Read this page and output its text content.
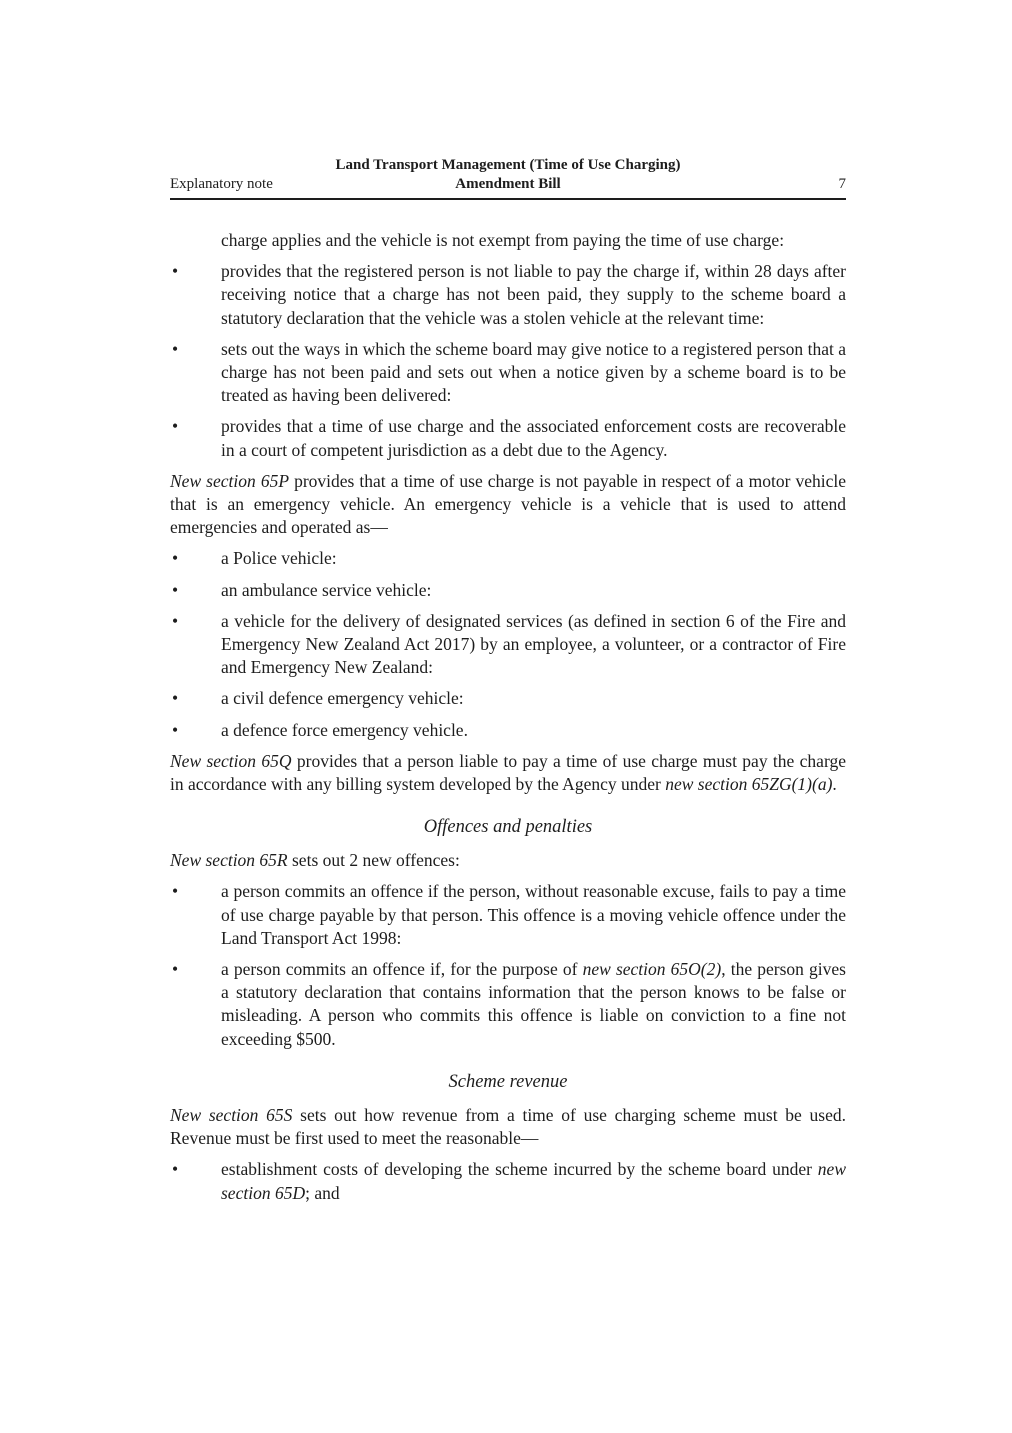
Land Transport Management (Time of Use Charging)
Explanatory note	Amendment Bill	7

charge applies and the vehicle is not exempt from paying the time of use charge:

• provides that the registered person is not liable to pay the charge if, within 28 days after receiving notice that a charge has not been paid, they supply to the scheme board a statutory declaration that the vehicle was a stolen vehicle at the relevant time:
• sets out the ways in which the scheme board may give notice to a registered person that a charge has not been paid and sets out when a notice given by a scheme board is to be treated as having been delivered:
• provides that a time of use charge and the associated enforcement costs are recoverable in a court of competent jurisdiction as a debt due to the Agency.

New section 65P provides that a time of use charge is not payable in respect of a motor vehicle that is an emergency vehicle. An emergency vehicle is a vehicle that is used to attend emergencies and operated as—

• a Police vehicle:
• an ambulance service vehicle:
• a vehicle for the delivery of designated services (as defined in section 6 of the Fire and Emergency New Zealand Act 2017) by an employee, a volunteer, or a contractor of Fire and Emergency New Zealand:
• a civil defence emergency vehicle:
• a defence force emergency vehicle.

New section 65Q provides that a person liable to pay a time of use charge must pay the charge in accordance with any billing system developed by the Agency under new section 65ZG(1)(a).

Offences and penalties

New section 65R sets out 2 new offences:

• a person commits an offence if the person, without reasonable excuse, fails to pay a time of use charge payable by that person. This offence is a moving vehicle offence under the Land Transport Act 1998:
• a person commits an offence if, for the purpose of new section 65O(2), the person gives a statutory declaration that contains information that the person knows to be false or misleading. A person who commits this offence is liable on conviction to a fine not exceeding $500.
Scheme revenue

New section 65S sets out how revenue from a time of use charging scheme must be used. Revenue must be first used to meet the reasonable—

• establishment costs of developing the scheme incurred by the scheme board under new section 65D; and
